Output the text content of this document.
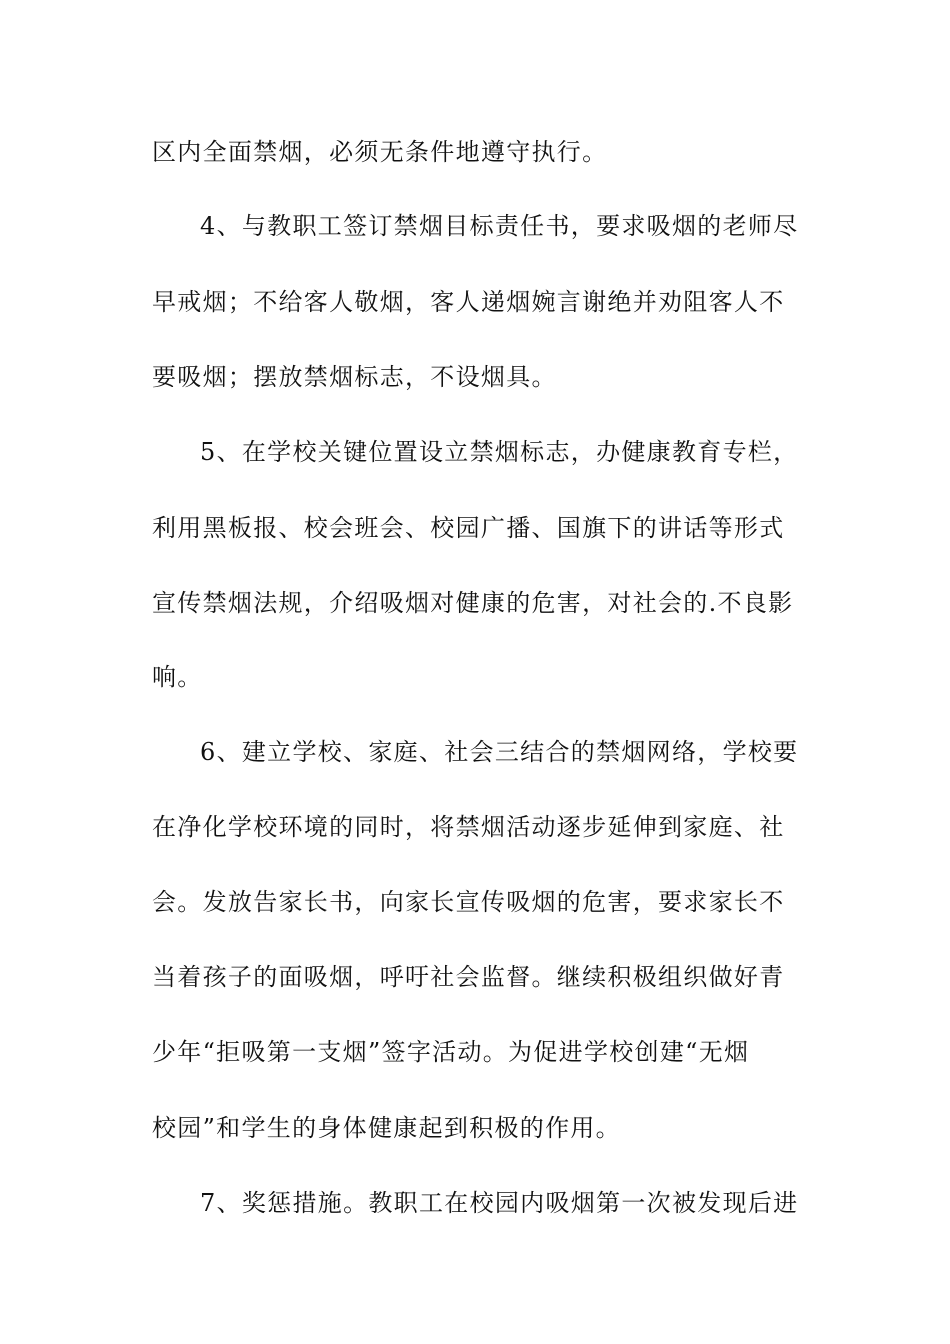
区内全面禁烟，必须无条件地遵守执行。
4、与教职工签订禁烟目标责任书，要求吸烟的老师尽
早戒烟；不给客人敬烟，客人递烟婉言谢绝并劝阻客人不
要吸烟；摆放禁烟标志，不设烟具。
5、在学校关键位置设立禁烟标志，办健康教育专栏，
利用黑板报、校会班会、校园广播、国旗下的讲话等形式
宣传禁烟法规，介绍吸烟对健康的危害，对社会的.不良影
响。
6、建立学校、家庭、社会三结合的禁烟网络，学校要
在净化学校环境的同时，将禁烟活动逐步延伸到家庭、社
会。发放告家长书，向家长宣传吸烟的危害，要求家长不
当着孩子的面吸烟，呼吁社会监督。继续积极组织做好青
少年“拒吸第一支烟”签字活动。为促进学校创建“无烟
校园”和学生的身体健康起到积极的作用。
7、奖惩措施。教职工在校园内吸烟第一次被发现后进
